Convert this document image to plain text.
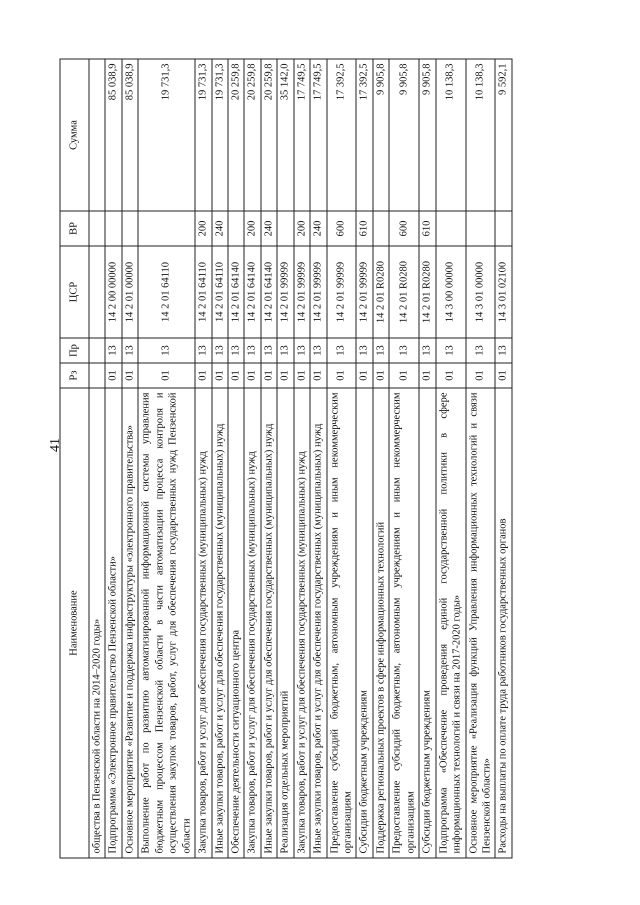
41
Наименование	Рз	Пр	ЦСР	ВР	Сумма
общества в Пензенской области на 2014–2020 годы»					
Подпрограмма «Электронное правительство Пензенской области»	01	13	14 2 00 00000		85 038,9
Основное мероприятие «Развитие и поддержка инфраструктуры «электронного правительства»	01	13	14 2 01 00000		85 038,9
Выполнение работ по развитию автоматизированной информационной системы управления бюджетным процессом Пензенской области в части автоматизации процесса контроля и осуществления закупок товаров, работ, услуг для обеспечения государственных нужд Пензенской области	01	13	14 2 01 64110		19 731,3
Закупка товаров, работ и услуг для обеспечения государственных (муниципальных) нужд	01	13	14 2 01 64110	200	19 731,3
Иные закупки товаров, работ и услуг для обеспечения государственных (муниципальных) нужд	01	13	14 2 01 64110	240	19 731,3
Обеспечение деятельности ситуационного центра	01	13	14 2 01 64140		20 259,8
Закупка товаров, работ и услуг для обеспечения государственных (муниципальных) нужд	01	13	14 2 01 64140	200	20 259,8
Иные закупки товаров, работ и услуг для обеспечения государственных (муниципальных) нужд	01	13	14 2 01 64140	240	20 259,8
Реализация отдельных мероприятий	01	13	14 2 01 99999		35 142,0
Закупка товаров, работ и услуг для обеспечения государственных (муниципальных) нужд	01	13	14 2 01 99999	200	17 749,5
Иные закупки товаров, работ и услуг для обеспечения государственных (муниципальных) нужд	01	13	14 2 01 99999	240	17 749,5
Предоставление субсидий бюджетным, автономным учреждениям и иным некоммерческим организациям	01	13	14 2 01 99999	600	17 392,5
Субсидии бюджетным учреждениям	01	13	14 2 01 99999	610	17 392,5
Поддержка региональных проектов в сфере информационных технологий	01	13	14 2 01 R0280		9 905,8
Предоставление субсидий бюджетным, автономным учреждениям и иным некоммерческим организациям	01	13	14 2 01 R0280	600	9 905,8
Субсидии бюджетным учреждениям	01	13	14 2 01 R0280	610	9 905,8
Подпрограмма «Обеспечение проведения единой государственной политики в сфере информационных технологий и связи на 2017-2020 годы»	01	13	14 3 00 00000		10 138,3
Основное мероприятие «Реализация функций Управления информационных технологий и связи Пензенской области»	01	13	14 3 01 00000		10 138,3
Расходы на выплаты по оплате труда работников государственных органов	01	13	14 3 01 02100		9 592,1
